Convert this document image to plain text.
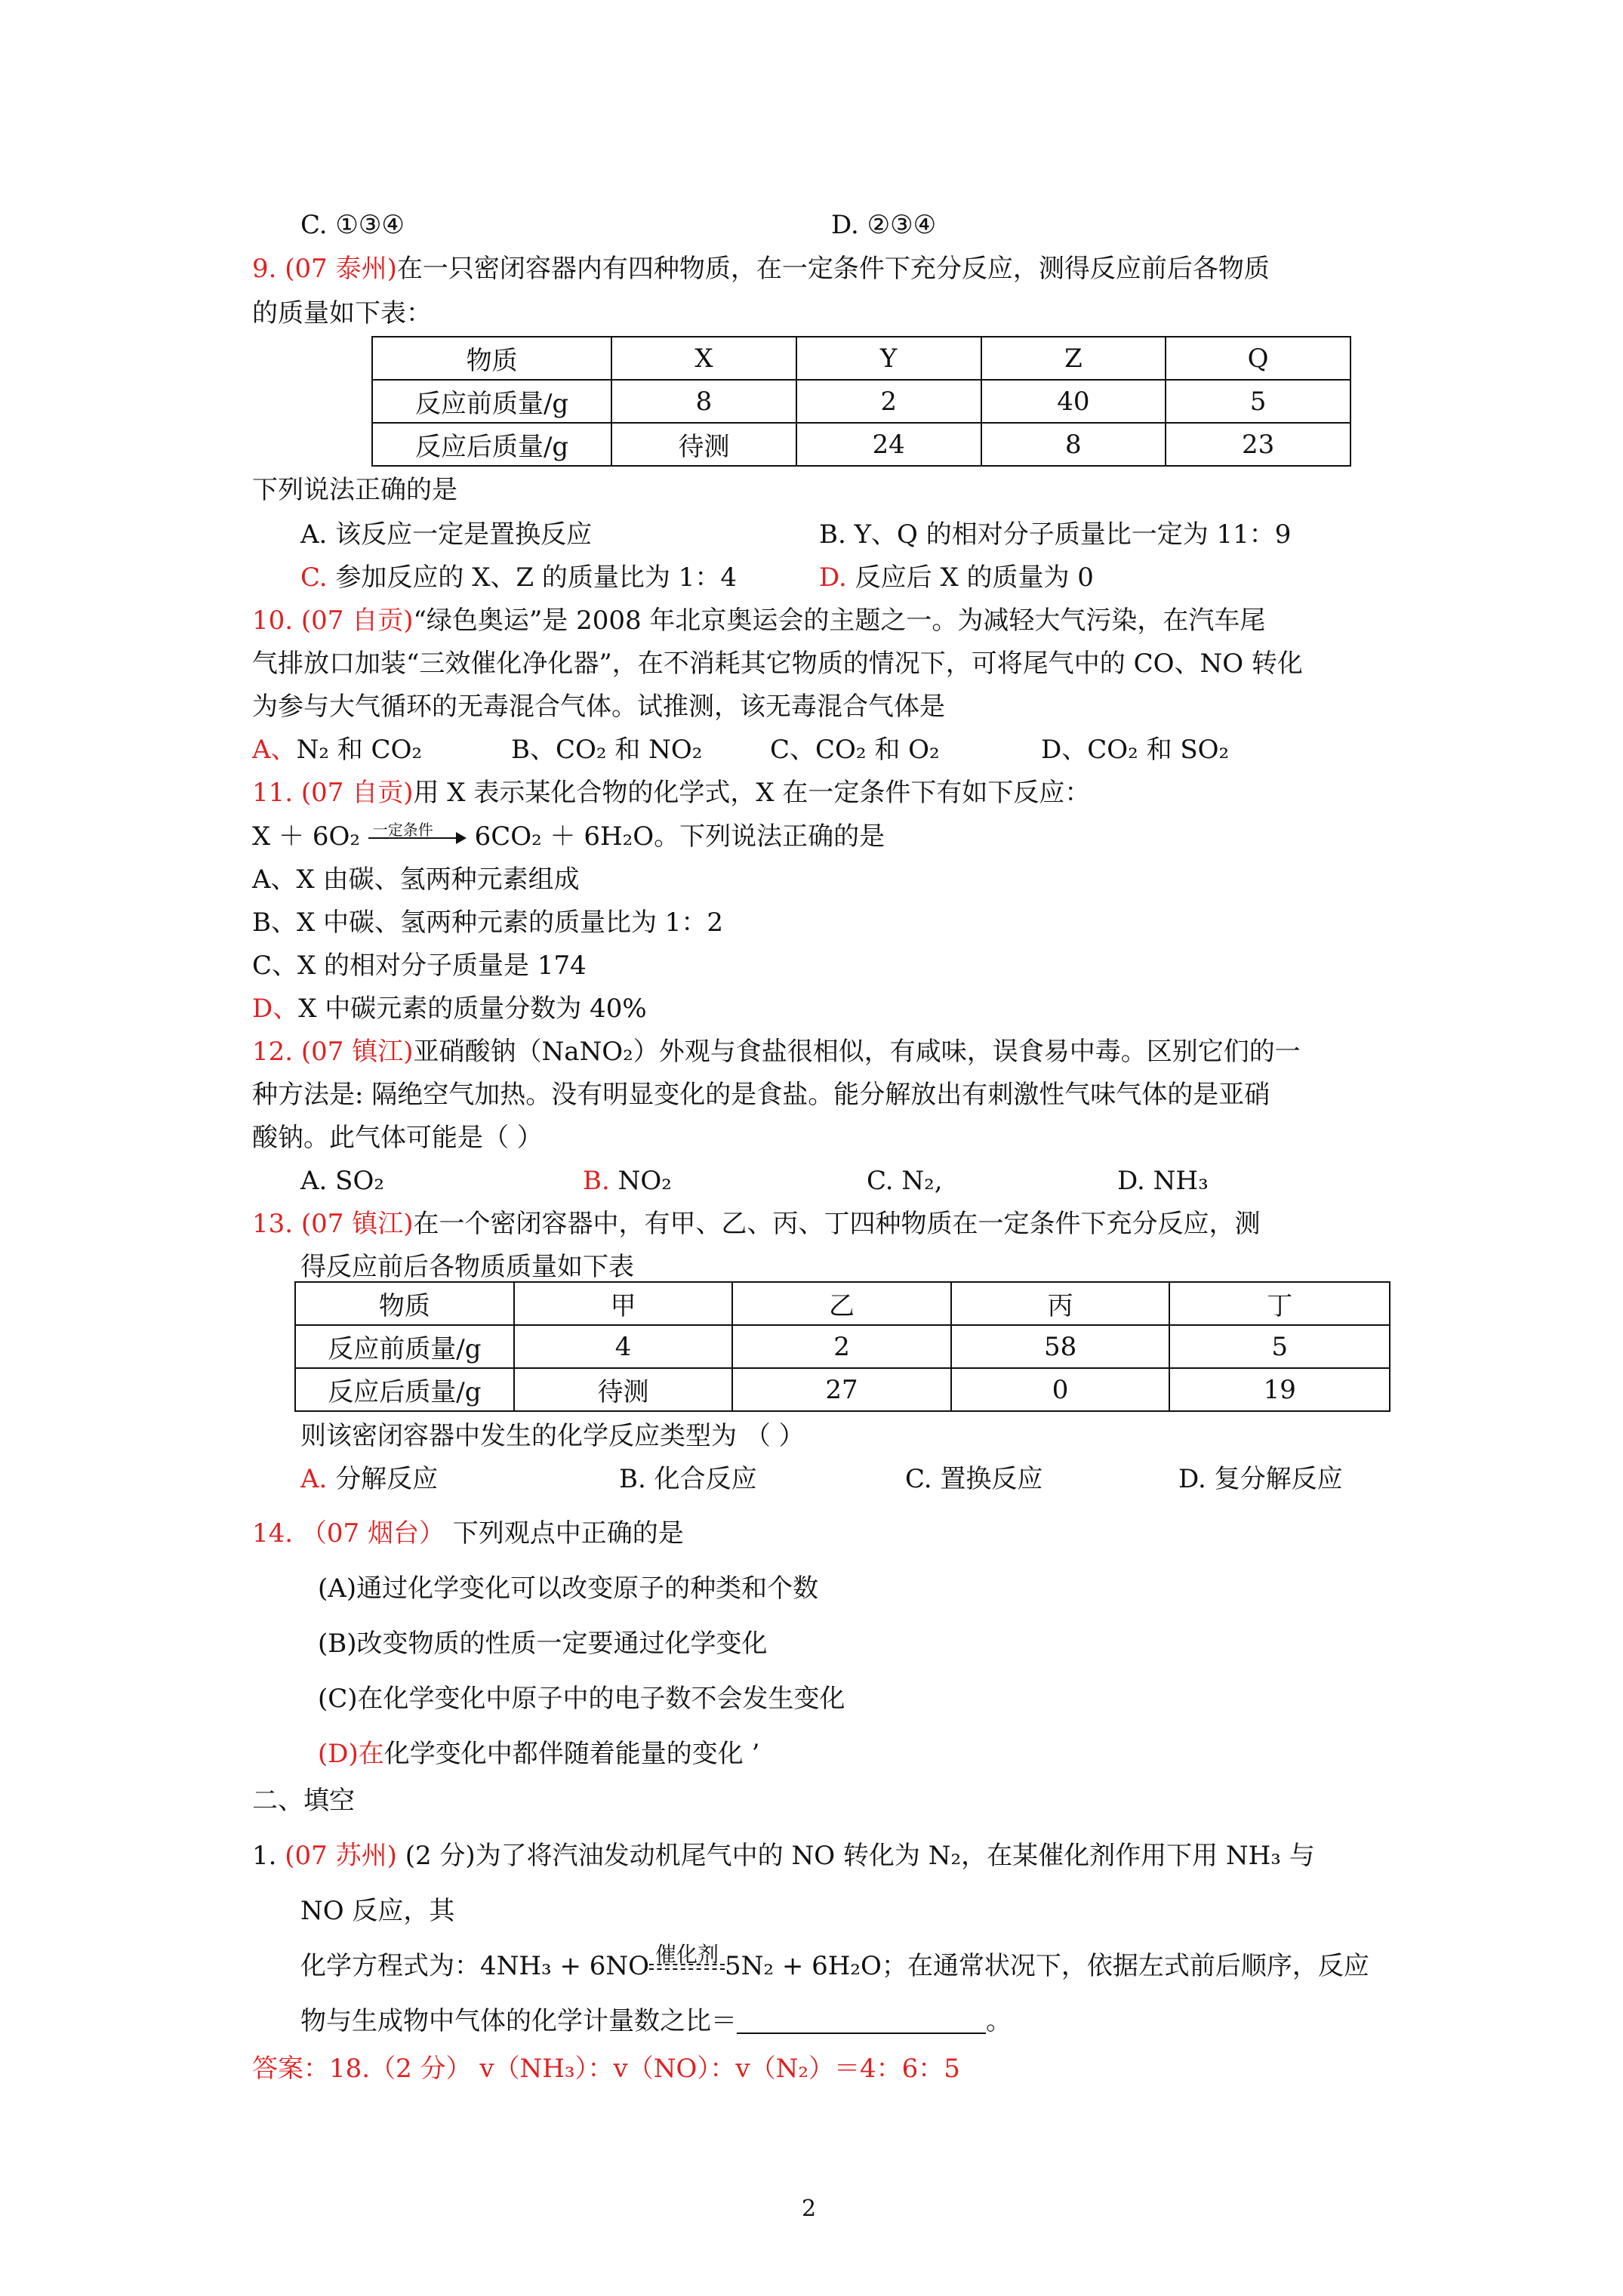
C. ①③④	D. ②③④
9. (07 泰州)在一只密闭容器内有四种物质，在一定条件下充分反应，测得反应前后各物质
的质量如下表：
物质	X	Y	Z	Q
反应前质量/g	8	2	40	5
反应后质量/g	待测	24	8	23
下列说法正确的是
A. 该反应一定是置换反应	B. Y、Q 的相对分子质量比一定为 11：9
C. 参加反应的 X、Z 的质量比为 1：4	D. 反应后 X 的质量为 0
10. (07 自贡)“绿色奥运”是 2008 年北京奥运会的主题之一。为减轻大气污染，在汽车尾
气排放口加装“三效催化净化器”，在不消耗其它物质的情况下，可将尾气中的 CO、NO 转化
为参与大气循环的无毒混合气体。试推测，该无毒混合气体是
A、N₂ 和 CO₂	B、CO₂ 和 NO₂	C、CO₂ 和 O₂	D、CO₂ 和 SO₂
11. (07 自贡)用 X 表示某化合物的化学式，X 在一定条件下有如下反应：
X ＋ 6O₂ 一定条件 6CO₂ ＋ 6H₂O。下列说法正确的是
A、X 由碳、氢两种元素组成
B、X 中碳、氢两种元素的质量比为 1：2
C、X 的相对分子质量是 174
D、X 中碳元素的质量分数为 40%
12. (07 镇江)亚硝酸钠（NaNO₂）外观与食盐很相似，有咸味，误食易中毒。区别它们的一
种方法是: 隔绝空气加热。没有明显变化的是食盐。能分解放出有刺激性气味气体的是亚硝
酸钠。此气体可能是（ ）
A. SO₂	B. NO₂	C. N₂,	D. NH₃
13. (07 镇江)在一个密闭容器中，有甲、乙、丙、丁四种物质在一定条件下充分反应，测
得反应前后各物质质量如下表
物质	甲	乙	丙	丁
反应前质量/g	4	2	58	5
反应后质量/g	待测	27	0	19
则该密闭容器中发生的化学反应类型为 （ ）
A. 分解反应	B. 化合反应	C. 置换反应	D. 复分解反应
14. （07 烟台） 下列观点中正确的是
(A)通过化学变化可以改变原子的种类和个数
(B)改变物质的性质一定要通过化学变化
(C)在化学变化中原子中的电子数不会发生变化
(D)在化学变化中都伴随着能量的变化 ’
二、填空
1. (07 苏州) (2 分)为了将汽油发动机尾气中的 NO 转化为 N₂，在某催化剂作用下用 NH₃ 与
NO 反应，其
化学方程式为：4NH₃ + 6NO 催化剂 5N₂ + 6H₂O；在通常状况下，依据左式前后顺序，反应
物与生成物中气体的化学计量数之比＝	。
答案：18.（2 分） v（NH₃）：v（NO）：v（N₂）＝4：6：5
2
